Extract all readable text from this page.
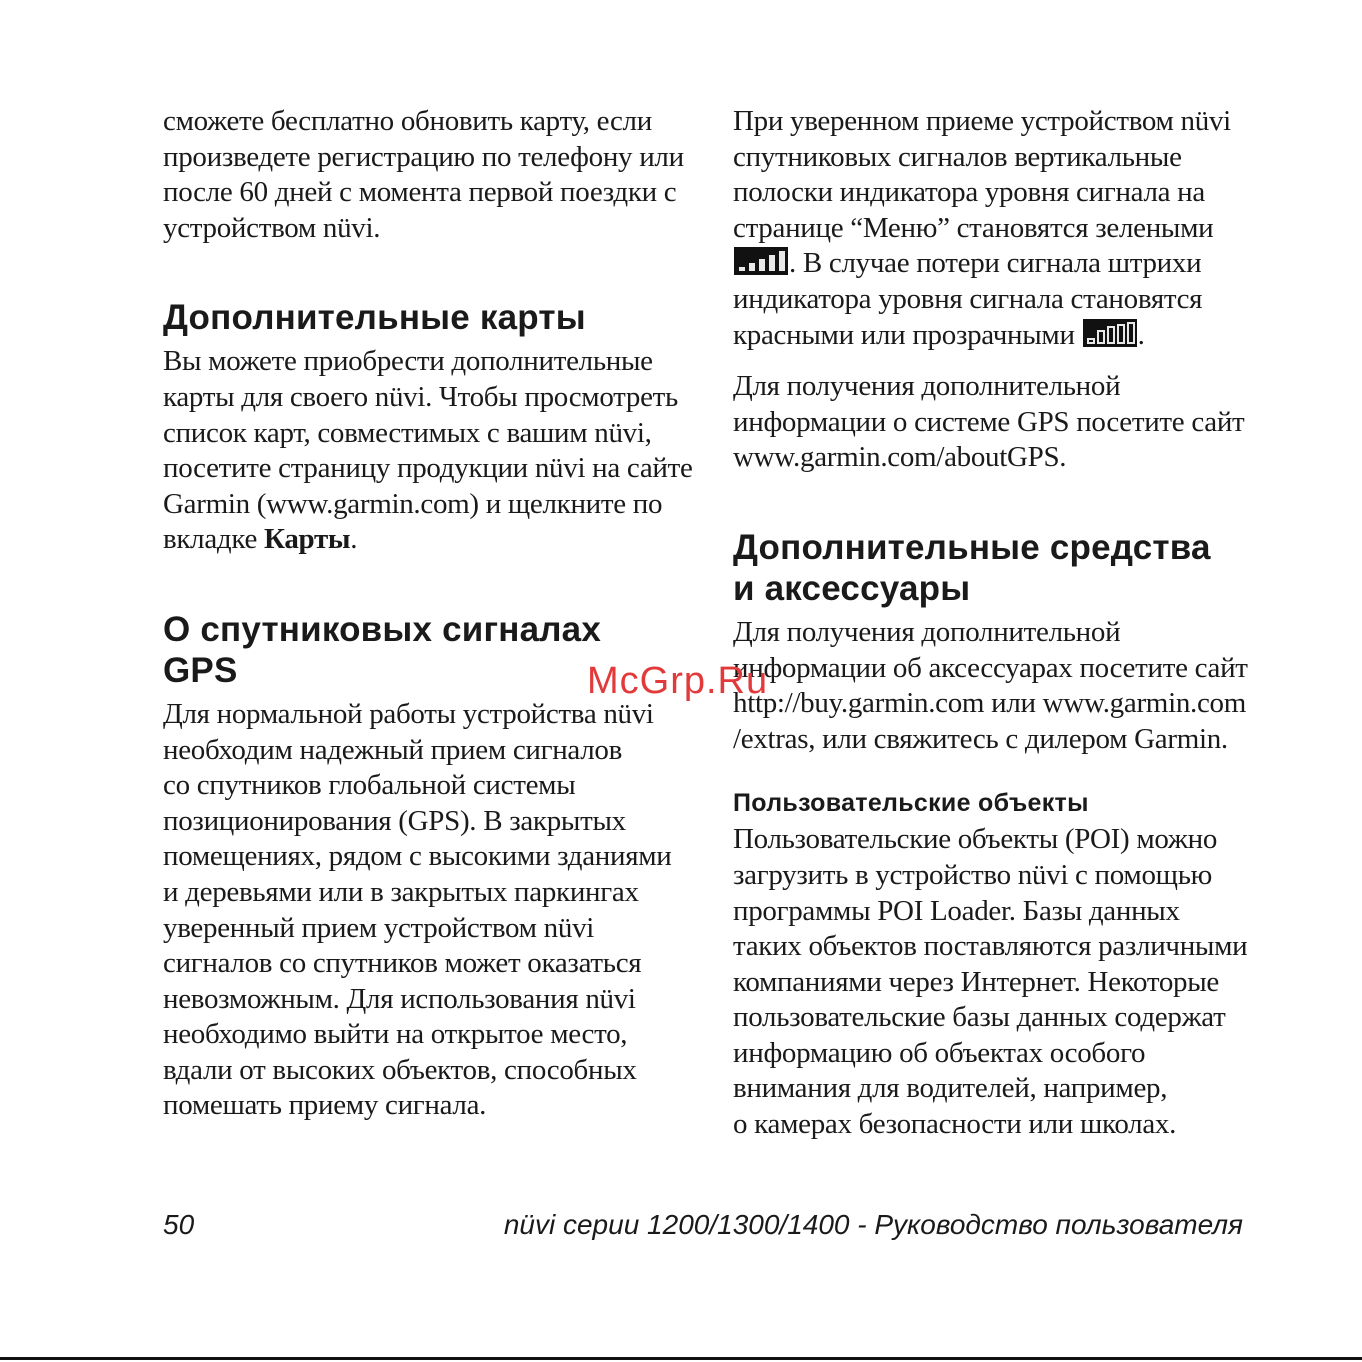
сможете бесплатно обновить карту, если
произведете регистрацию по телефону или
после 60 дней с момента первой поездки с
устройством nüvi.
Дополнительные карты
Вы можете приобрести дополнительные
карты для своего nüvi. Чтобы просмотреть
список карт, совместимых с вашим nüvi,
посетите страницу продукции nüvi на сайте
Garmin (www.garmin.com) и щелкните по
вкладке Карты.
О спутниковых сигналах
GPS
Для нормальной работы устройства nüvi
необходим надежный прием сигналов
со спутников глобальной системы
позиционирования (GPS). В закрытых
помещениях, рядом с высокими зданиями
и деревьями или в закрытых паркингах
уверенный прием устройством nüvi
сигналов со спутников может оказаться
невозможным. Для использования nüvi
необходимо выйти на открытое место,
вдали от высоких объектов, способных
помешать приему сигнала.
При уверенном приеме устройством nüvi
спутниковых сигналов вертикальные
полоски индикатора уровня сигнала на
странице “Меню” становятся зелеными
. В случае потери сигнала штрихи
индикатора уровня сигнала становятся
красными или прозрачными
.
Для получения дополнительной
информации о системе GPS посетите сайт
www.garmin.com/aboutGPS.
Дополнительные средства
и аксессуары
Для получения дополнительной
информации об аксессуарах посетите сайт
http://buy.garmin.com или www.garmin.com
/extras, или свяжитесь с дилером Garmin.
Пользовательские объекты
Пользовательские объекты (POI) можно
загрузить в устройство nüvi с помощью
программы POI Loader. Базы данных
таких объектов поставляются различными
компаниями через Интернет. Некоторые
пользовательские базы данных содержат
информацию об объектах особого
внимания для водителей, например,
о камерах безопасности или школах.
McGrp.Ru
50	nüvi серии 1200/1300/1400 - Руководство пользователя
